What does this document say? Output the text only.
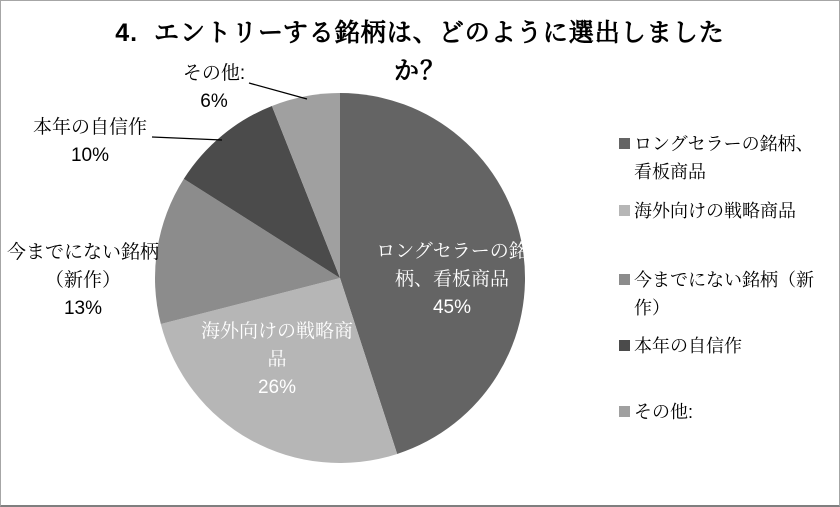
4.  エントリーする銘柄は、どのように選出しました
か？
ロングセラーの銘
柄、看板商品
45%
海外向けの戦略商
品
26%
今までにない銘柄
（新作）
13%
本年の自信作
10%
その他:
6%
ロングセラーの銘柄、看板商品
海外向けの戦略商品
今までにない銘柄（新作）
本年の自信作
その他:
